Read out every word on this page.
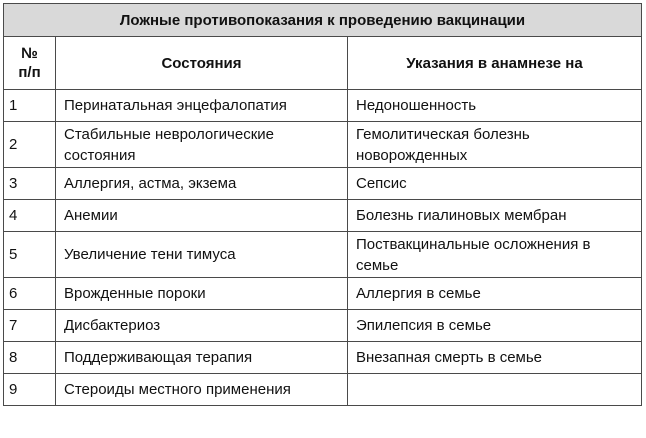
Ложные противопоказания к проведению вакцинации		
№
п/п	Состояния	Указания в анамнезе на
1	Перинатальная энцефалопатия	Недоношенность
2	Стабильные неврологические состояния	Гемолитическая болезнь новорожденных
3	Аллергия, астма, экзема	Сепсис
4	Анемии	Болезнь гиалиновых мембран
5	Увеличение тени тимуса	Поствакцинальные осложнения в семье
6	Врожденные пороки	Аллергия в семье
7	Дисбактериоз	Эпилепсия в семье
8	Поддерживающая терапия	Внезапная смерть в семье
9	Стероиды местного применения	
